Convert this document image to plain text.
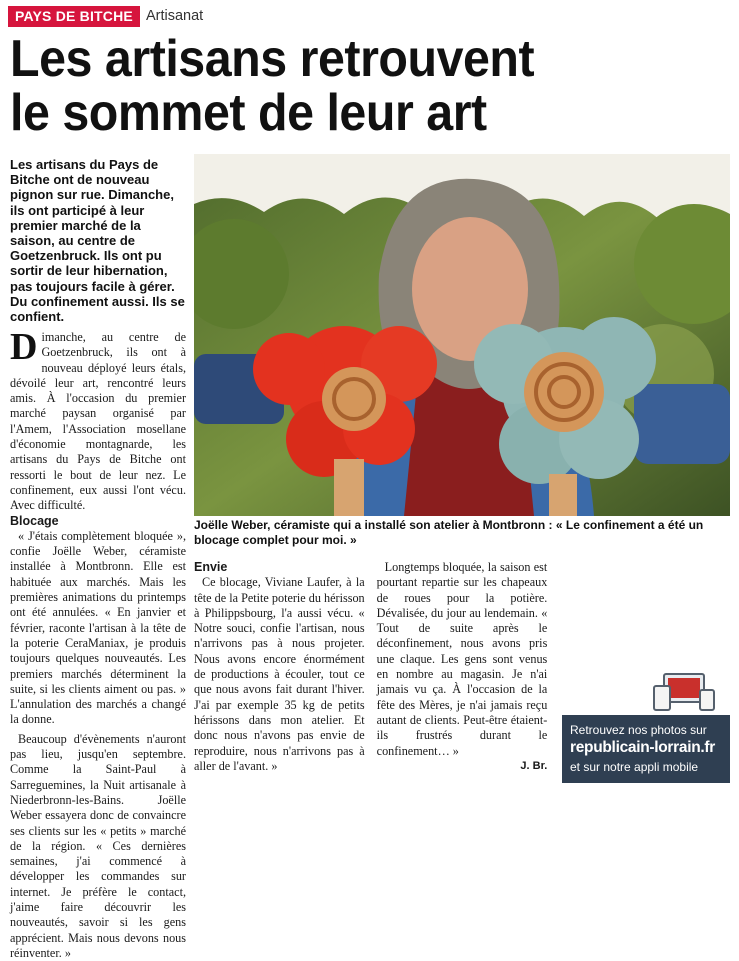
PAYS DE BITCHE Artisanat
Les artisans retrouvent
le sommet de leur art
Les artisans du Pays de Bitche ont de nouveau pignon sur rue. Dimanche, ils ont participé à leur premier marché de la saison, au centre de Goetzenbruck. Ils ont pu sortir de leur hibernation, pas toujours facile à gérer. Du confinement aussi. Ils se confient.
Joëlle Weber, céramiste qui a installé son atelier à Montbronn : « Le confinement a été un blocage complet pour moi. »

Dimanche, au centre de Goetzenbruck, ils ont à nouveau déployé leurs étals, dévoilé leur art, rencontré leurs amis. À l'occasion du premier marché paysan organisé par l'Amem, l'Association mosellane d'économie montagnarde, les artisans du Pays de Bitche ont ressorti le bout de leur nez. Le confinement, eux aussi l'ont vécu. Avec difficulté.

Blocage

« J'étais complètement bloquée », confie Joëlle Weber, céramiste installée à Montbronn. Elle est habituée aux marchés. Mais les premières animations du printemps ont été annulées. « En janvier et février, raconte l'artisan à la tête de la poterie CeraManiax, je produis toujours quelques nouveautés. Les premiers marchés déterminent la suite, si les clients aiment ou pas. » L'annulation des marchés a changé la donne.

Beaucoup d'évènements n'auront pas lieu, jusqu'en septembre. Comme la Saint-Paul à Sarreguemines, la Nuit artisanale à Niederbronn-les-Bains. Joëlle Weber essayera donc de convaincre ses clients sur les « petits » marché de la région. « Ces dernières semaines, j'ai commencé à développer les commandes sur internet. Je préfère le contact, j'aime faire découvrir les nouveautés, savoir si les gens apprécient. Mais nous devons nous réinventer. »

Envie

Ce blocage, Viviane Laufer, à la tête de la Petite poterie du hérisson à Philippsbourg, l'a aussi vécu. « Notre souci, confie l'artisan, nous n'arrivons pas à nous projeter. Nous avons encore énormément de productions à écouler, tout ce que nous avons fait durant l'hiver. J'ai par exemple 35 kg de petits hérissons dans mon atelier. Et donc nous n'avons pas envie de reproduire, nous n'arrivons pas à aller de l'avant. »

Longtemps bloquée, la saison est pourtant repartie sur les chapeaux de roues pour la potière. Dévalisée, du jour au lendemain. « Tout de suite après le déconfinement, nous avons pris une claque. Les gens sont venus en nombre au magasin. Je n'ai jamais vu ça. À l'occasion de la fête des Mères, je n'ai jamais reçu autant de clients. Peut-être étaient-ils frustrés durant le confinement… »

J. Br.

Retrouvez nos photos sur
republicain-lorrain.fr
et sur notre appli mobile
